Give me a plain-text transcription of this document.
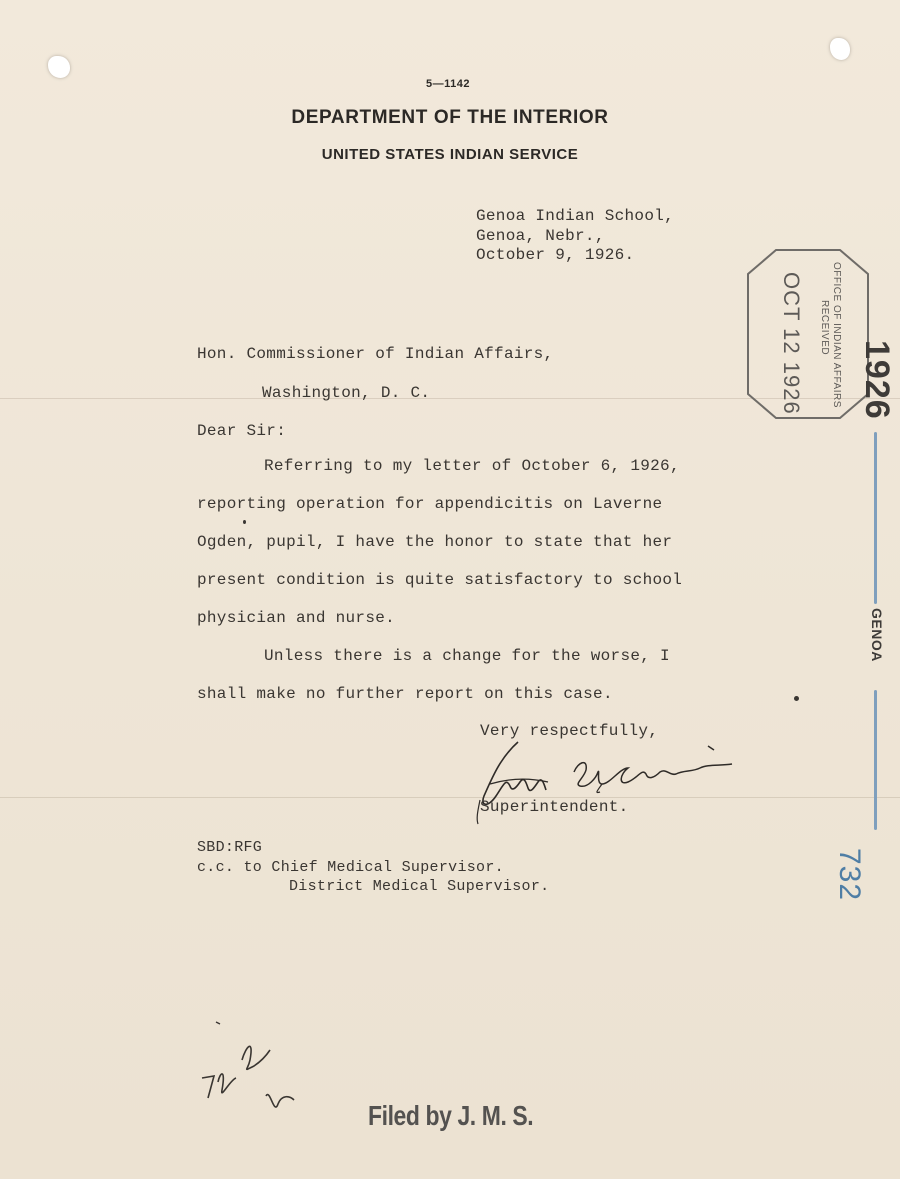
5—1142
DEPARTMENT OF THE INTERIOR
UNITED STATES INDIAN SERVICE
Genoa Indian School,
Genoa, Nebr.,
October 9, 1926.
Hon. Commissioner of Indian Affairs,
Washington, D. C.
Dear Sir:
Referring to my letter of October 6, 1926,
reporting operation for appendicitis on Laverne
Ogden, pupil, I have the honor to state that her
present condition is quite satisfactory to school
physician and nurse.
Unless there is a change for the worse, I
shall make no further report on this case.
Very respectfully,
Superintendent.
SBD:RFG
c.c. to Chief Medical Supervisor.
District Medical Supervisor.
OCT 12 1926	OFFICE OF INDIAN AFFAIRS
RECEIVED
1926
GENOA
732
Filed by J. M. S.
